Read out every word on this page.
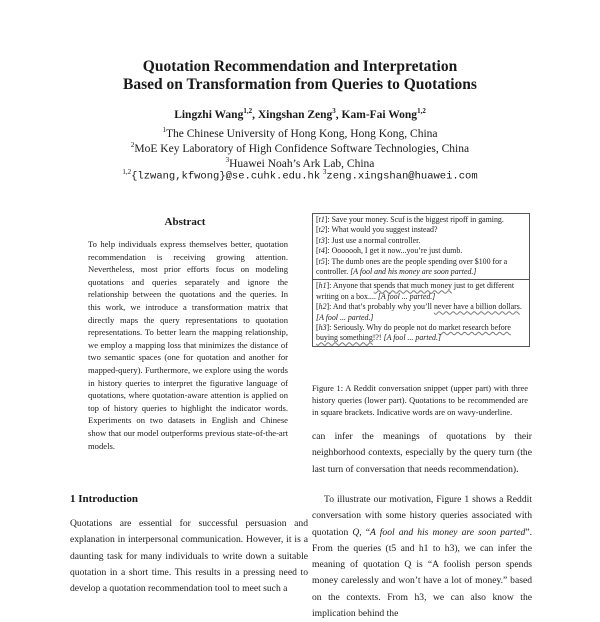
Quotation Recommendation and Interpretation
Based on Transformation from Queries to Quotations
Lingzhi Wang$^{1,2}$, Xingshan Zeng$^3$, Kam-Fai Wong$^{1,2}$
$^1$The Chinese University of Hong Kong, Hong Kong, China
$^2$MoE Key Laboratory of High Confidence Software Technologies, China
$^3$Huawei Noah’s Ark Lab, China
$^{1,2}${lzwang,kfwong}@se.cuhk.edu.hk $^3$zeng.xingshan@huawei.com
Abstract
To help individuals express themselves better, quotation recommendation is receiving growing attention. Nevertheless, most prior efforts focus on modeling quotations and queries separately and ignore the relationship between the quotations and the queries. In this work, we introduce a transformation matrix that directly maps the query representations to quotation representations. To better learn the mapping relationship, we employ a mapping loss that minimizes the distance of two semantic spaces (one for quotation and another for mapped-query). Furthermore, we explore using the words in history queries to interpret the figurative language of quotations, where quotation-aware attention is applied on top of history queries to highlight the indicator words. Experiments on two datasets in English and Chinese show that our model outperforms previous state-of-the-art models.
1 Introduction
Quotations are essential for successful persuasion and explanation in interpersonal communication. However, it is a daunting task for many individuals to write down a suitable quotation in a short time. This results in a pressing need to develop a quotation recommendation tool to meet such a

[t1]: Save your money. Scuf is the biggest ripoff in gaming.

[t2]: What would you suggest instead?

[t3]: Just use a normal controller.

[t4]: Ooooooh, I get it now...you’re just dumb.

[t5]: The dumb ones are the people spending over $100 for a controller. [A fool and his money are soon parted.]

[h1]: Anyone that spends that much money just to get different writing on a box.... [A fool ... parted.]

[h2]: And that’s probably why you’ll never have a billion dollars. [A fool ... parted.]

[h3]: Seriously. Why do people not do market research before buying something!?! [A fool ... parted.]

Figure 1: A Reddit conversation snippet (upper part) with three history queries (lower part). Quotations to be recommended are in square brackets. Indicative words are on wavy-underline.
can infer the meanings of quotations by their neighborhood contexts, especially by the query turn (the last turn of conversation that needs recommendation).
To illustrate our motivation, Figure 1 shows a Reddit conversation with some history queries associated with quotation Q, “A fool and his money are soon parted”. From the queries (t5 and h1 to h3), we can infer the meaning of quotation Q is “A foolish person spends money carelessly and won’t have a lot of money.” based on the contexts. From h3, we can also know the implication behind the
